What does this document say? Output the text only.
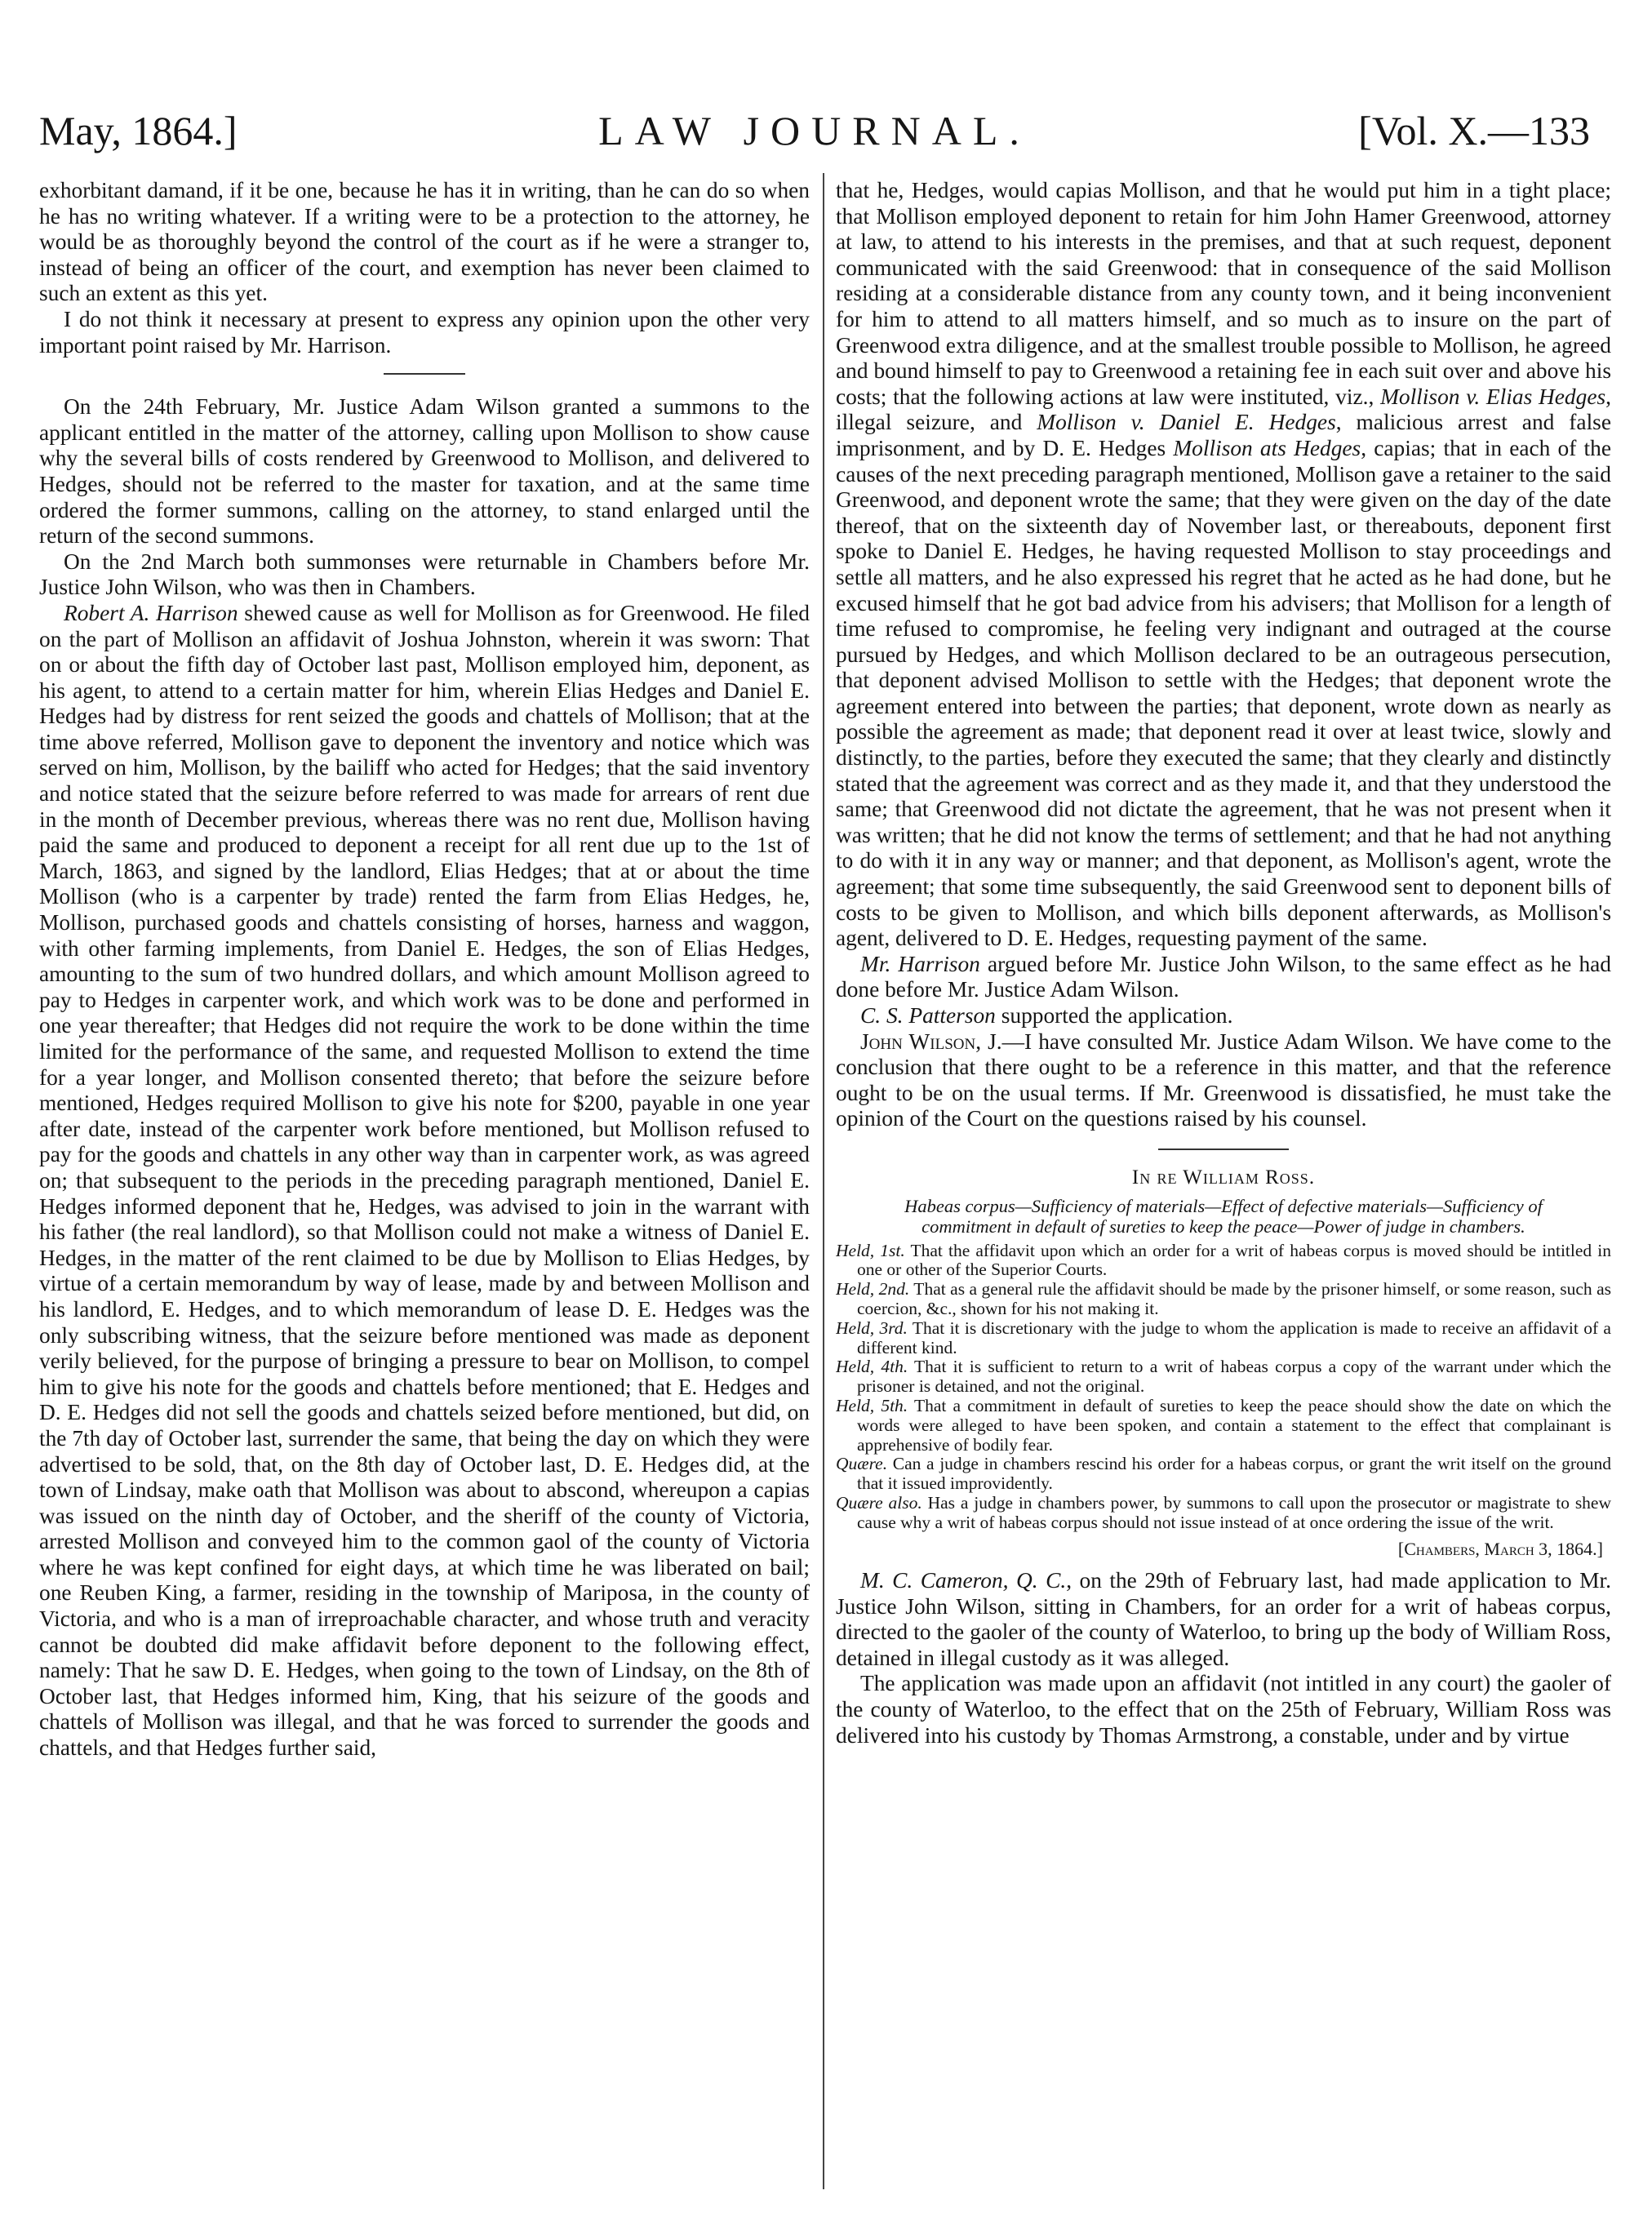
May, 1864.]	LAW JOURNAL.	[Vol. X.—133

exhorbitant damand, if it be one, because he has it in writing, than he can do so when he has no writing whatever. If a writing were to be a protection to the attorney, he would be as thoroughly beyond the control of the court as if he were a stranger to, instead of being an officer of the court, and exemption has never been claimed to such an extent as this yet.

I do not think it necessary at present to express any opinion upon the other very important point raised by Mr. Harrison.

On the 24th February, Mr. Justice Adam Wilson granted a summons to the applicant entitled in the matter of the attorney, calling upon Mollison to show cause why the several bills of costs rendered by Greenwood to Mollison, and delivered to Hedges, should not be referred to the master for taxation, and at the same time ordered the former summons, calling on the attorney, to stand enlarged until the return of the second summons.

On the 2nd March both summonses were returnable in Chambers before Mr. Justice John Wilson, who was then in Chambers.

Robert A. Harrison shewed cause as well for Mollison as for Greenwood. He filed on the part of Mollison an affidavit of Joshua Johnston, wherein it was sworn: That on or about the fifth day of October last past, Mollison employed him, deponent, as his agent, to attend to a certain matter for him, wherein Elias Hedges and Daniel E. Hedges had by distress for rent seized the goods and chattels of Mollison; that at the time above referred, Mollison gave to deponent the inventory and notice which was served on him, Mollison, by the bailiff who acted for Hedges; that the said inventory and notice stated that the seizure before referred to was made for arrears of rent due in the month of December previous, whereas there was no rent due, Mollison having paid the same and produced to deponent a receipt for all rent due up to the 1st of March, 1863, and signed by the landlord, Elias Hedges; that at or about the time Mollison (who is a carpenter by trade) rented the farm from Elias Hedges, he, Mollison, purchased goods and chattels consisting of horses, harness and waggon, with other farming implements, from Daniel E. Hedges, the son of Elias Hedges, amounting to the sum of two hundred dollars, and which amount Mollison agreed to pay to Hedges in carpenter work, and which work was to be done and performed in one year thereafter; that Hedges did not require the work to be done within the time limited for the performance of the same, and requested Mollison to extend the time for a year longer, and Mollison consented thereto; that before the seizure before mentioned, Hedges required Mollison to give his note for $200, payable in one year after date, instead of the carpenter work before mentioned, but Mollison refused to pay for the goods and chattels in any other way than in carpenter work, as was agreed on; that subsequent to the periods in the preceding paragraph mentioned, Daniel E. Hedges informed deponent that he, Hedges, was advised to join in the warrant with his father (the real landlord), so that Mollison could not make a witness of Daniel E. Hedges, in the matter of the rent claimed to be due by Mollison to Elias Hedges, by virtue of a certain memorandum by way of lease, made by and between Mollison and his landlord, E. Hedges, and to which memorandum of lease D. E. Hedges was the only subscribing witness, that the seizure before mentioned was made as deponent verily believed, for the purpose of bringing a pressure to bear on Mollison, to compel him to give his note for the goods and chattels before mentioned; that E. Hedges and D. E. Hedges did not sell the goods and chattels seized before mentioned, but did, on the 7th day of October last, surrender the same, that being the day on which they were advertised to be sold, that, on the 8th day of October last, D. E. Hedges did, at the town of Lindsay, make oath that Mollison was about to abscond, whereupon a capias was issued on the ninth day of October, and the sheriff of the county of Victoria, arrested Mollison and conveyed him to the common gaol of the county of Victoria where he was kept confined for eight days, at which time he was liberated on bail; one Reuben King, a farmer, residing in the township of Mariposa, in the county of Victoria, and who is a man of irreproachable character, and whose truth and veracity cannot be doubted did make affidavit before deponent to the following effect, namely: That he saw D. E. Hedges, when going to the town of Lindsay, on the 8th of October last, that Hedges informed him, King, that his seizure of the goods and chattels of Mollison was illegal, and that he was forced to surrender the goods and chattels, and that Hedges further said,

that he, Hedges, would capias Mollison, and that he would put him in a tight place; that Mollison employed deponent to retain for him John Hamer Greenwood, attorney at law, to attend to his interests in the premises, and that at such request, deponent communicated with the said Greenwood: that in consequence of the said Mollison residing at a considerable distance from any county town, and it being inconvenient for him to attend to all matters himself, and so much as to insure on the part of Greenwood extra diligence, and at the smallest trouble possible to Mollison, he agreed and bound himself to pay to Greenwood a retaining fee in each suit over and above his costs; that the following actions at law were instituted, viz., Mollison v. Elias Hedges, illegal seizure, and Mollison v. Daniel E. Hedges, malicious arrest and false imprisonment, and by D. E. Hedges Mollison ats Hedges, capias; that in each of the causes of the next preceding paragraph mentioned, Mollison gave a retainer to the said Greenwood, and deponent wrote the same; that they were given on the day of the date thereof, that on the sixteenth day of November last, or thereabouts, deponent first spoke to Daniel E. Hedges, he having requested Mollison to stay proceedings and settle all matters, and he also expressed his regret that he acted as he had done, but he excused himself that he got bad advice from his advisers; that Mollison for a length of time refused to compromise, he feeling very indignant and outraged at the course pursued by Hedges, and which Mollison declared to be an outrageous persecution, that deponent advised Mollison to settle with the Hedges; that deponent wrote the agreement entered into between the parties; that deponent, wrote down as nearly as possible the agreement as made; that deponent read it over at least twice, slowly and distinctly, to the parties, before they executed the same; that they clearly and distinctly stated that the agreement was correct and as they made it, and that they understood the same; that Greenwood did not dictate the agreement, that he was not present when it was written; that he did not know the terms of settlement; and that he had not anything to do with it in any way or manner; and that deponent, as Mollison's agent, wrote the agreement; that some time subsequently, the said Greenwood sent to deponent bills of costs to be given to Mollison, and which bills deponent afterwards, as Mollison's agent, delivered to D. E. Hedges, requesting payment of the same.

Mr. Harrison argued before Mr. Justice John Wilson, to the same effect as he had done before Mr. Justice Adam Wilson.

C. S. Patterson supported the application.

John Wilson, J.—I have consulted Mr. Justice Adam Wilson. We have come to the conclusion that there ought to be a reference in this matter, and that the reference ought to be on the usual terms. If Mr. Greenwood is dissatisfied, he must take the opinion of the Court on the questions raised by his counsel.

In re William Ross.
Habeas corpus—Sufficiency of materials—Effect of defective materials—Sufficiency of commitment in default of sureties to keep the peace—Power of judge in chambers.

Held, 1st. That the affidavit upon which an order for a writ of habeas corpus is moved should be intitled in one or other of the Superior Courts.

Held, 2nd. That as a general rule the affidavit should be made by the prisoner himself, or some reason, such as coercion, &c., shown for his not making it.

Held, 3rd. That it is discretionary with the judge to whom the application is made to receive an affidavit of a different kind.

Held, 4th. That it is sufficient to return to a writ of habeas corpus a copy of the warrant under which the prisoner is detained, and not the original.

Held, 5th. That a commitment in default of sureties to keep the peace should show the date on which the words were alleged to have been spoken, and contain a statement to the effect that complainant is apprehensive of bodily fear.

Quære. Can a judge in chambers rescind his order for a habeas corpus, or grant the writ itself on the ground that it issued improvidently.

Quære also. Has a judge in chambers power, by summons to call upon the prosecutor or magistrate to shew cause why a writ of habeas corpus should not issue instead of at once ordering the issue of the writ.

[Chambers, March 3, 1864.]

M. C. Cameron, Q. C., on the 29th of February last, had made application to Mr. Justice John Wilson, sitting in Chambers, for an order for a writ of habeas corpus, directed to the gaoler of the county of Waterloo, to bring up the body of William Ross, detained in illegal custody as it was alleged.

The application was made upon an affidavit (not intitled in any court) the gaoler of the county of Waterloo, to the effect that on the 25th of February, William Ross was delivered into his custody by Thomas Armstrong, a constable, under and by virtue
